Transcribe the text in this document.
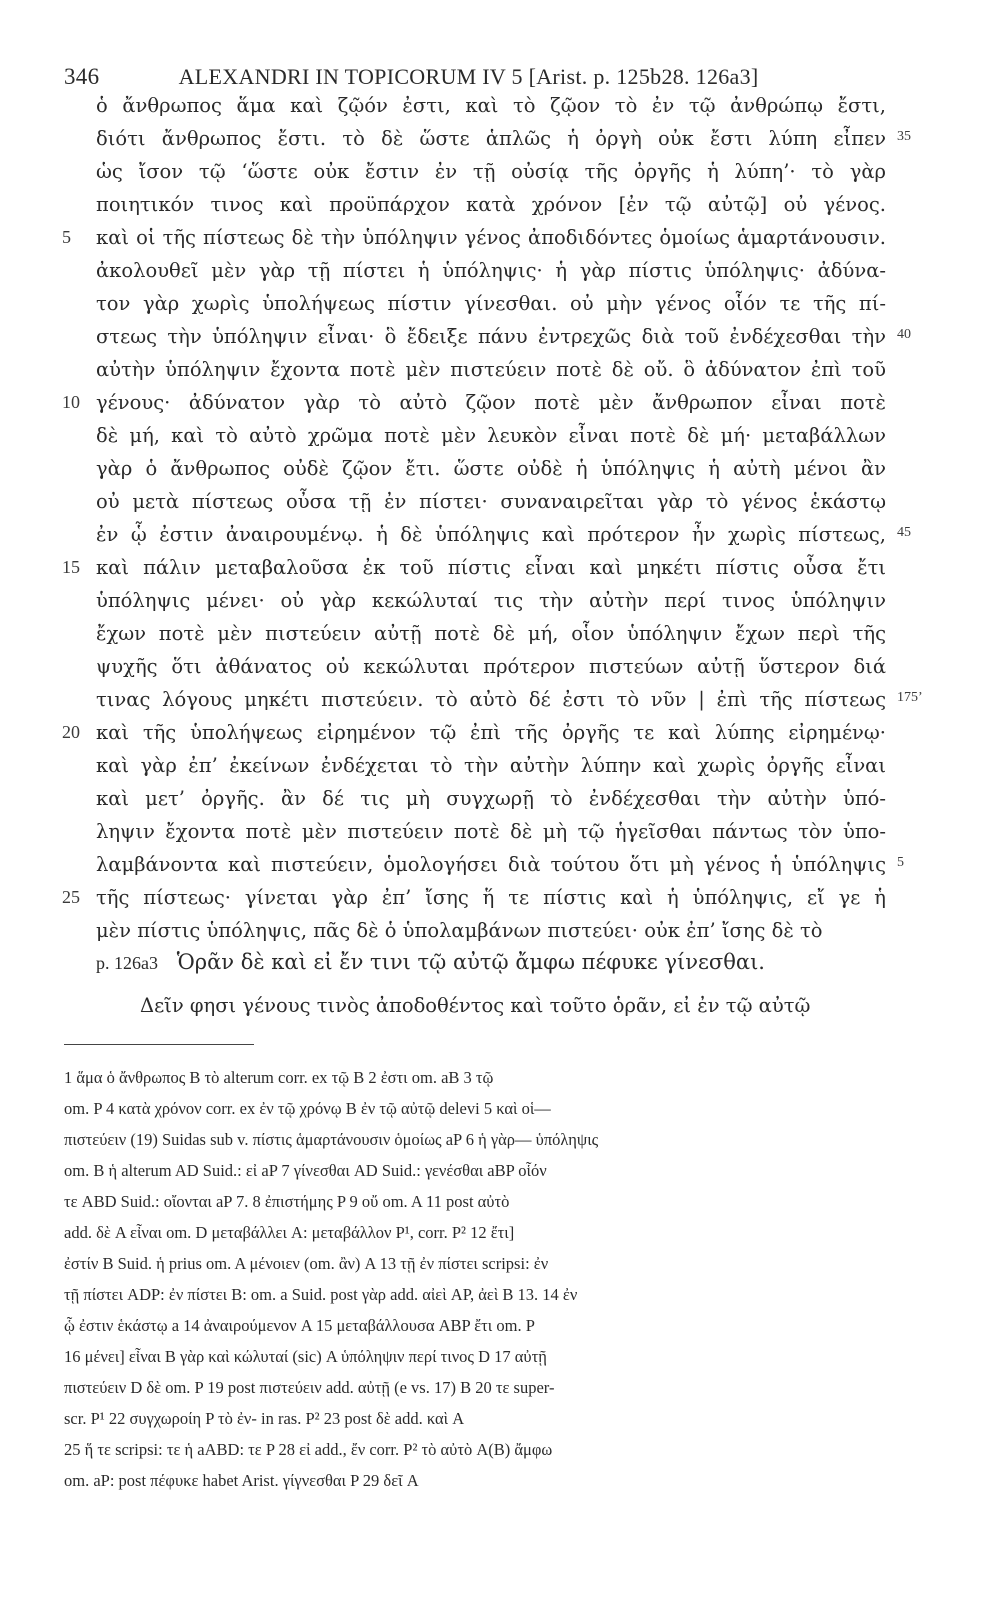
346	ALEXANDRI IN TOPICORUM IV 5 [Arist. p. 125b28. 126a3]
ὁ ἄνθρωπος ἅμα καὶ ζῷόν ἐστι, καὶ τὸ ζῷον τὸ ἐν τῷ ἀνθρώπῳ ἔστι,
διότι ἄνθρωπος ἔστι. τὸ δὲ ὥστε ἁπλῶς ἡ ὀργὴ οὐκ ἔστι λύπη εἶπεν
ὡς ἴσον τῷ ‘ὥστε οὐκ ἔστιν ἐν τῇ οὐσίᾳ τῆς ὀργῆς ἡ λύπη’· τὸ γὰρ
ποιητικόν τινος καὶ προϋπάρχον κατὰ χρόνον [ἐν τῷ αὐτῷ] οὐ γένος.
καὶ οἱ τῆς πίστεως δὲ τὴν ὑπόληψιν γένος ἀποδιδόντες ὁμοίως ἁμαρτάνουσιν.
ἀκολουθεῖ μὲν γὰρ τῇ πίστει ἡ ὑπόληψις· ἡ γὰρ πίστις ὑπόληψις· ἀδύνα-
τον γὰρ χωρὶς ὑπολήψεως πίστιν γίνεσθαι. οὐ μὴν γένος οἷόν τε τῆς πί-
στεως τὴν ὑπόληψιν εἶναι· ὃ ἔδειξε πάνυ ἐντρεχῶς διὰ τοῦ ἐνδέχεσθαι τὴν
αὐτὴν ὑπόληψιν ἔχοντα ποτὲ μὲν πιστεύειν ποτὲ δὲ οὔ. ὃ ἀδύνατον ἐπὶ τοῦ
γένους· ἀδύνατον γὰρ τὸ αὐτὸ ζῷον ποτὲ μὲν ἄνθρωπον εἶναι ποτὲ
δὲ μή, καὶ τὸ αὐτὸ χρῶμα ποτὲ μὲν λευκὸν εἶναι ποτὲ δὲ μή· μεταβάλλων
γὰρ ὁ ἄνθρωπος οὐδὲ ζῷον ἔτι. ὥστε οὐδὲ ἡ ὑπόληψις ἡ αὐτὴ μένοι ἂν
οὐ μετὰ πίστεως οὖσα τῇ ἐν πίστει· συναναιρεῖται γὰρ τὸ γένος ἑκάστῳ
ἐν ᾧ ἐστιν ἀναιρουμένῳ. ἡ δὲ ὑπόληψις καὶ πρότερον ἦν χωρὶς πίστεως,
καὶ πάλιν μεταβαλοῦσα ἐκ τοῦ πίστις εἶναι καὶ μηκέτι πίστις οὖσα ἔτι
ὑπόληψις μένει· οὐ γὰρ κεκώλυταί τις τὴν αὐτὴν περί τινος ὑπόληψιν
ἔχων ποτὲ μὲν πιστεύειν αὐτῇ ποτὲ δὲ μή, οἷον ὑπόληψιν ἔχων περὶ τῆς
ψυχῆς ὅτι ἀθάνατος οὐ κεκώλυται πρότερον πιστεύων αὐτῇ ὕστερον διά
τινας λόγους μηκέτι πιστεύειν. τὸ αὐτὸ δέ ἐστι τὸ νῦν | ἐπὶ τῆς πίστεως
καὶ τῆς ὑπολήψεως εἰρημένον τῷ ἐπὶ τῆς ὀργῆς τε καὶ λύπης εἰρημένῳ·
καὶ γὰρ ἐπ’ ἐκείνων ἐνδέχεται τὸ τὴν αὐτὴν λύπην καὶ χωρὶς ὀργῆς εἶναι
καὶ μετ’ ὀργῆς. ἂν δέ τις μὴ συγχωρῇ τὸ ἐνδέχεσθαι τὴν αὐτὴν ὑπό-
ληψιν ἔχοντα ποτὲ μὲν πιστεύειν ποτὲ δὲ μὴ τῷ ἡγεῖσθαι πάντως τὸν ὑπο-
λαμβάνοντα καὶ πιστεύειν, ὁμολογήσει διὰ τούτου ὅτι μὴ γένος ἡ ὑπόληψις
τῆς πίστεως· γίνεται γὰρ ἐπ’ ἴσης ἥ τε πίστις καὶ ἡ ὑπόληψις, εἴ γε ἡ
μὲν πίστις ὑπόληψις, πᾶς δὲ ὁ ὑπολαμβάνων πιστεύει· οὐκ ἐπ’ ἴσης δὲ τὸ
5
10
15
20
25
35
40
45
175’
5
p. 126a3 Ὁρᾶν δὲ καὶ εἰ ἔν τινι τῷ αὐτῷ ἄμφω πέφυκε γίνεσθαι.
Δεῖν φησι γένους τινὸς ἀποδοθέντος καὶ τοῦτο ὁρᾶν, εἰ ἐν τῷ αὐτῷ
1 ἅμα ὁ ἄνθρωπος B τὸ alterum corr. ex τῷ B 2 ἐστι om. aB 3 τῷ
om. P 4 κατὰ χρόνον corr. ex ἐν τῷ χρόνῳ B ἐν τῷ αὐτῷ delevi 5 καὶ οἱ—
πιστεύειν (19) Suidas sub v. πίστις ἁμαρτάνουσιν ὁμοίως aP 6 ἡ γὰρ— ὑπόληψις
om. B ἡ alterum AD Suid.: εἰ aP 7 γίνεσθαι AD Suid.: γενέσθαι aBP οἷόν
τε ABD Suid.: οἴονται aP 7. 8 ἐπιστήμης P 9 οὔ om. A 11 post αὐτὸ
add. δὲ A εἶναι om. D μεταβάλλει A: μεταβάλλον P¹, corr. P² 12 ἔτι]
ἐστίν B Suid. ἡ prius om. A μένοιεν (om. ἂν) A 13 τῇ ἐν πίστει scripsi: ἐν
τῇ πίστει ADP: ἐν πίστει B: om. a Suid. post γὰρ add. αἰεὶ AP, ἀεὶ B 13. 14 ἐν
ᾧ ἐστιν ἑκάστῳ a 14 ἀναιρούμενον A 15 μεταβάλλουσα ABP ἔτι om. P
16 μένει] εἶναι B γὰρ καὶ κώλυταί (sic) A ὑπόληψιν περί τινος D 17 αὐτῇ
πιστεύειν D δὲ om. P 19 post πιστεύειν add. αὐτῇ (e vs. 17) B 20 τε super-
scr. P¹ 22 συγχωροίη P τὸ ἐν- in ras. P² 23 post δὲ add. καὶ A
25 ἥ τε scripsi: τε ἡ aABD: τε P 28 εἰ add., ἔν corr. P² τὸ αὐτὸ A(B) ἄμφω
om. aP: post πέφυκε habet Arist. γίγνεσθαι P 29 δεῖ A
